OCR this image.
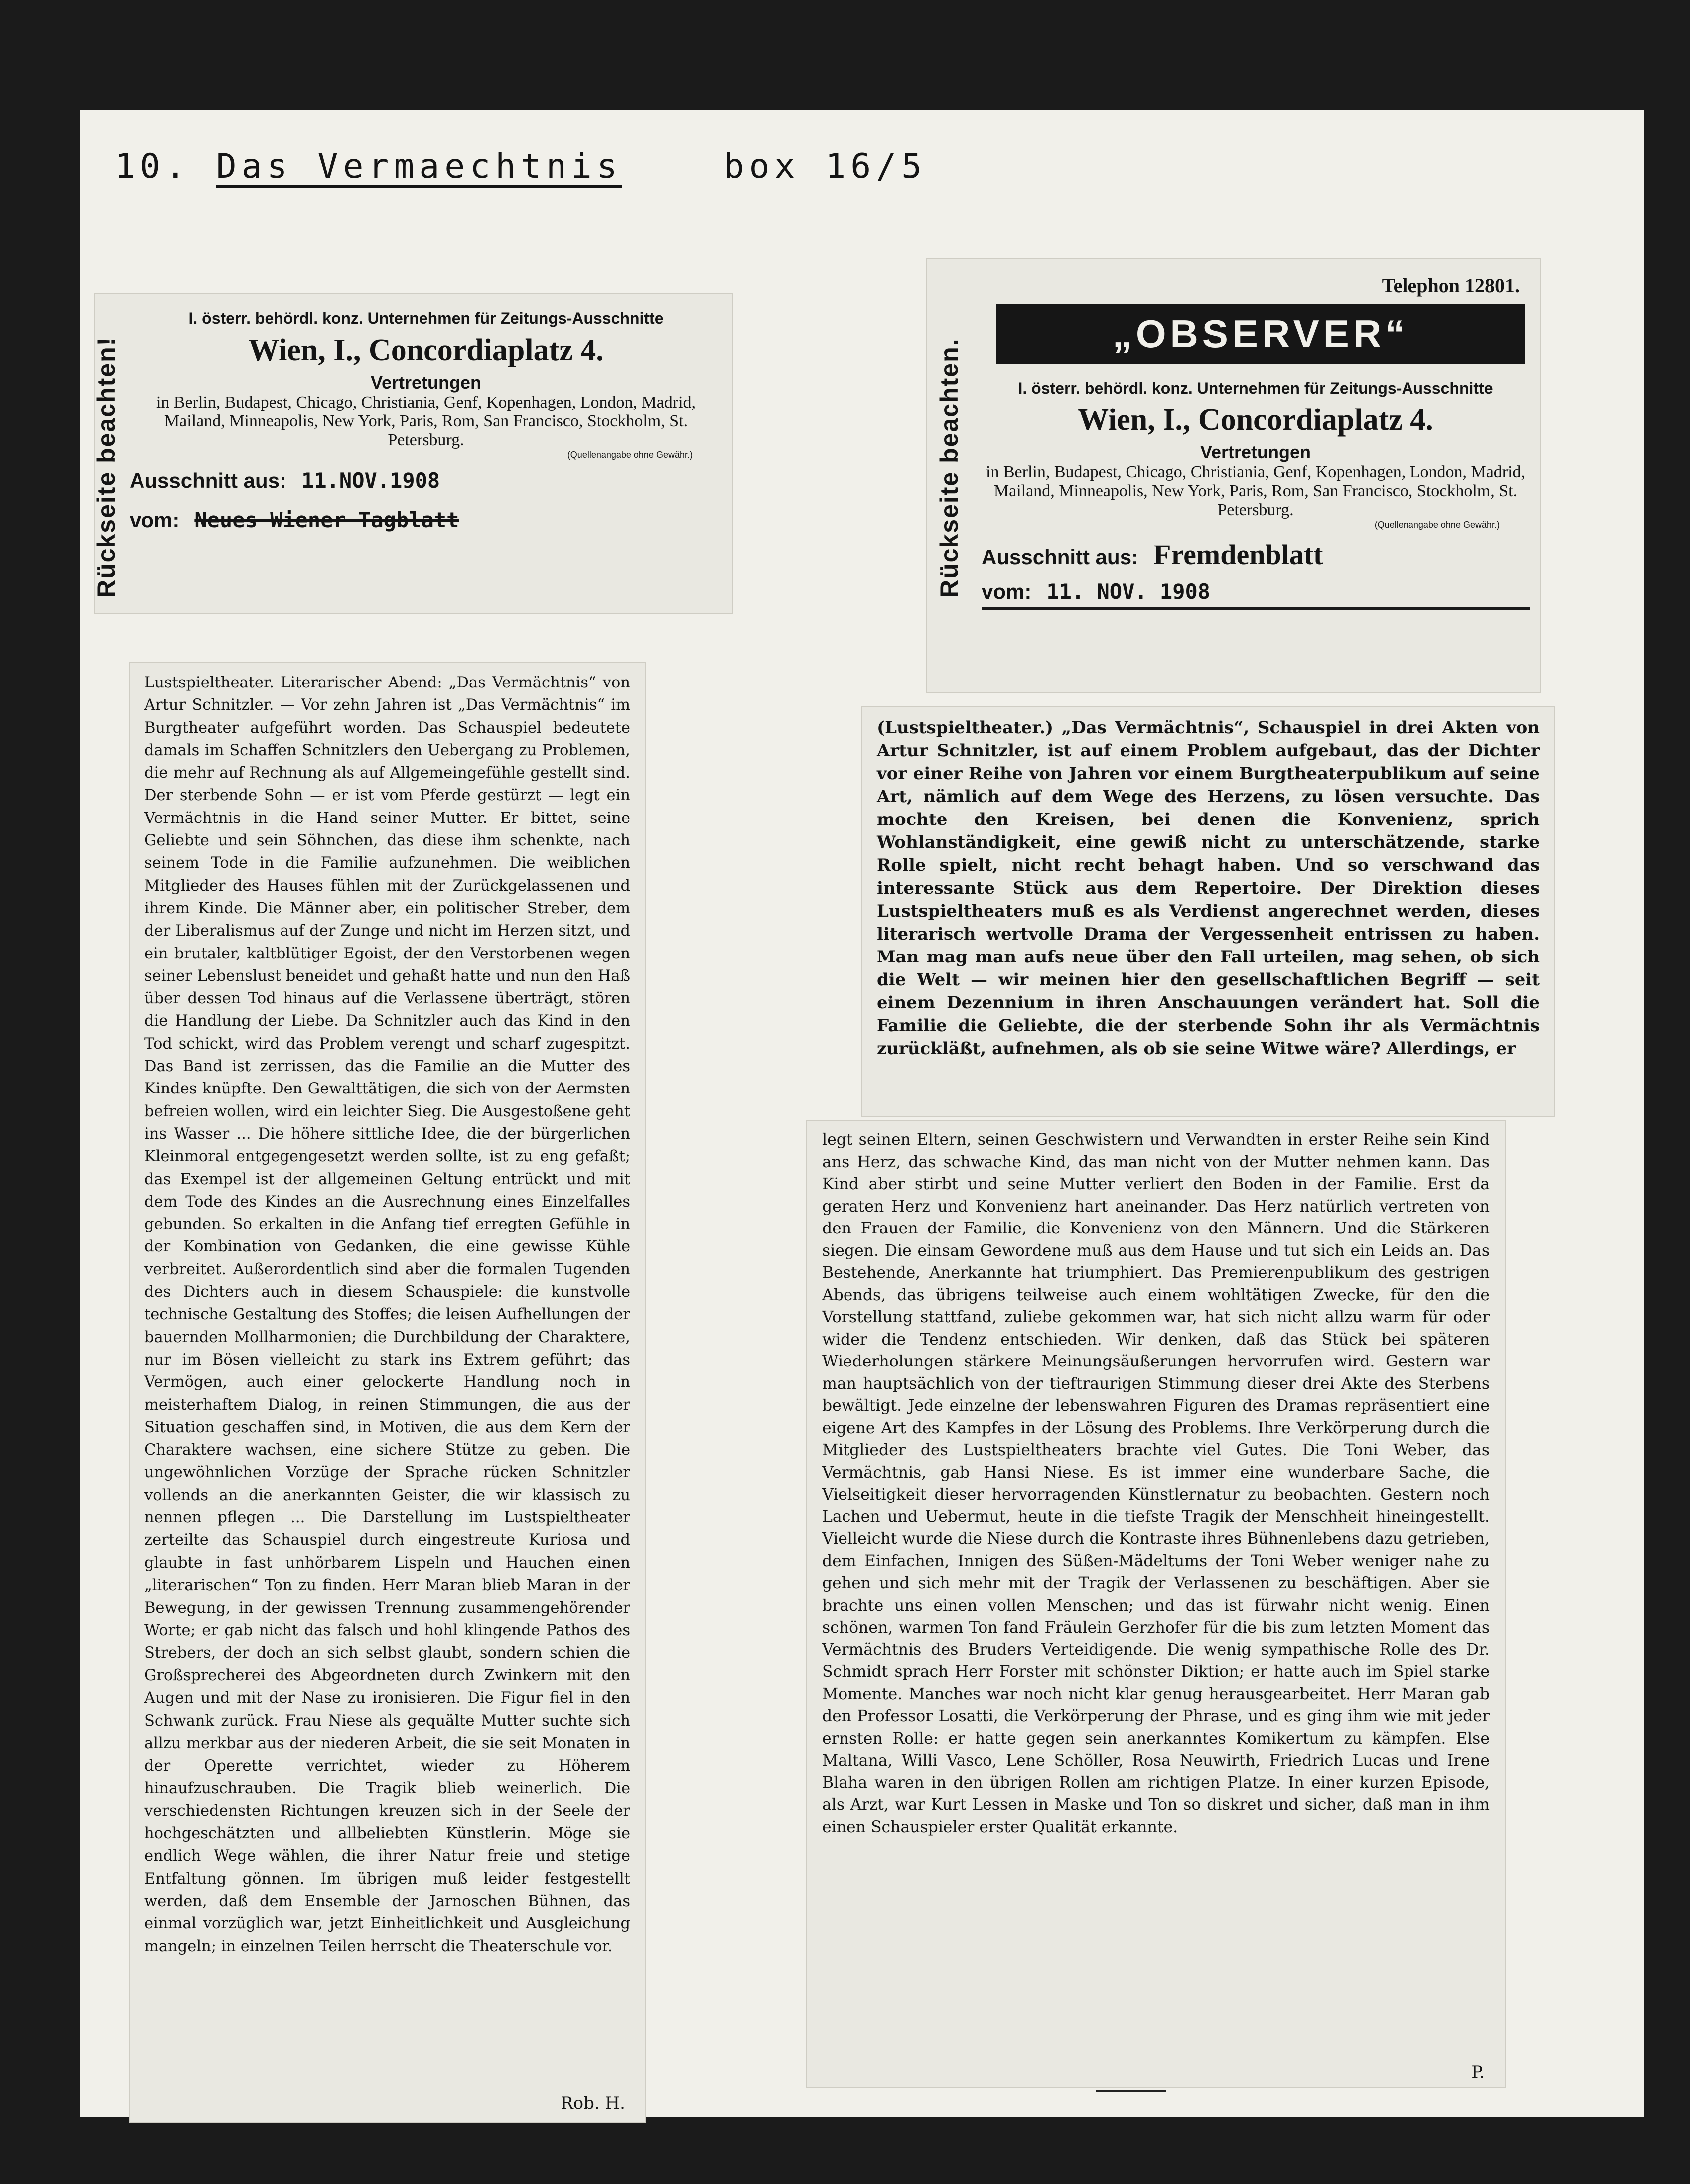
10. Das Vermaechtnis	box 16/5
Rückseite beachten!
I. österr. behördl. konz. Unternehmen für Zeitungs-Ausschnitte
Wien, I., Concordiaplatz 4.
Vertretungen
in Berlin, Budapest, Chicago, Christiania, Genf, Kopenhagen, London, Madrid, Mailand, Minneapolis, New York, Paris, Rom, San Francisco, Stockholm, St. Petersburg.
(Quellenangabe ohne Gewähr.)
Ausschnitt aus: 11.NOV.1908
vom: Neues Wiener Tagblatt	Rückseite beachten.
Telephon 12801.
„OBSERVER“
I. österr. behördl. konz. Unternehmen für Zeitungs-Ausschnitte
Wien, I., Concordiaplatz 4.
Vertretungen
in Berlin, Budapest, Chicago, Christiania, Genf, Kopenhagen, London, Madrid, Mailand, Minneapolis, New York, Paris, Rom, San Francisco, Stockholm, St. Petersburg.
(Quellenangabe ohne Gewähr.)
Ausschnitt aus: Fremdenblatt
vom: 11. NOV. 1908

Lustspieltheater. Literarischer Abend: „Das Vermächtnis“ von Artur Schnitzler. — Vor zehn Jahren ist „Das Vermächtnis“ im Burgtheater aufgeführt worden. Das Schauspiel bedeutete damals im Schaffen Schnitzlers den Uebergang zu Problemen, die mehr auf Rechnung als auf Allgemeingefühle gestellt sind. Der sterbende Sohn — er ist vom Pferde gestürzt — legt ein Vermächtnis in die Hand seiner Mutter. Er bittet, seine Geliebte und sein Söhnchen, das diese ihm schenkte, nach seinem Tode in die Familie aufzunehmen. Die weiblichen Mitglieder des Hauses fühlen mit der Zurückgelassenen und ihrem Kinde. Die Männer aber, ein politischer Streber, dem der Liberalismus auf der Zunge und nicht im Herzen sitzt, und ein brutaler, kaltblütiger Egoist, der den Verstorbenen wegen seiner Lebenslust beneidet und gehaßt hatte und nun den Haß über dessen Tod hinaus auf die Verlassene überträgt, stören die Handlung der Liebe. Da Schnitzler auch das Kind in den Tod schickt, wird das Problem verengt und scharf zugespitzt. Das Band ist zerrissen, das die Familie an die Mutter des Kindes knüpfte. Den Gewalttätigen, die sich von der Aermsten befreien wollen, wird ein leichter Sieg. Die Ausgestoßene geht ins Wasser ... Die höhere sittliche Idee, die der bürgerlichen Kleinmoral entgegengesetzt werden sollte, ist zu eng gefaßt; das Exempel ist der allgemeinen Geltung entrückt und mit dem Tode des Kindes an die Ausrechnung eines Einzelfalles gebunden. So erkalten in die Anfang tief erregten Gefühle in der Kombination von Gedanken, die eine gewisse Kühle verbreitet. Außerordentlich sind aber die formalen Tugenden des Dichters auch in diesem Schauspiele: die kunstvolle technische Gestaltung des Stoffes; die leisen Aufhellungen der bauernden Mollharmonien; die Durchbildung der Charaktere, nur im Bösen vielleicht zu stark ins Extrem geführt; das Vermögen, auch einer gelockerte Handlung noch in meisterhaftem Dialog, in reinen Stimmungen, die aus der Situation geschaffen sind, in Motiven, die aus dem Kern der Charaktere wachsen, eine sichere Stütze zu geben. Die ungewöhnlichen Vorzüge der Sprache rücken Schnitzler vollends an die anerkannten Geister, die wir klassisch zu nennen pflegen ... Die Darstellung im Lustspieltheater zerteilte das Schauspiel durch eingestreute Kuriosa und glaubte in fast unhörbarem Lispeln und Hauchen einen „literarischen“ Ton zu finden. Herr Maran blieb Maran in der Bewegung, in der gewissen Trennung zusammengehörender Worte; er gab nicht das falsch und hohl klingende Pathos des Strebers, der doch an sich selbst glaubt, sondern schien die Großsprecherei des Abgeordneten durch Zwinkern mit den Augen und mit der Nase zu ironisieren. Die Figur fiel in den Schwank zurück. Frau Niese als gequälte Mutter suchte sich allzu merkbar aus der niederen Arbeit, die sie seit Monaten in der Operette verrichtet, wieder zu Höherem hinaufzuschrauben. Die Tragik blieb weinerlich. Die verschiedensten Richtungen kreuzen sich in der Seele der hochgeschätzten und allbeliebten Künstlerin. Möge sie endlich Wege wählen, die ihrer Natur freie und stetige Entfaltung gönnen. Im übrigen muß leider festgestellt werden, daß dem Ensemble der Jarnoschen Bühnen, das einmal vorzüglich war, jetzt Einheitlichkeit und Ausgleichung mangeln; in einzelnen Teilen herrscht die Theaterschule vor.

Rob. H.

(Lustspieltheater.) „Das Vermächtnis“, Schauspiel in drei Akten von Artur Schnitzler, ist auf einem Problem aufgebaut, das der Dichter vor einer Reihe von Jahren vor einem Burgtheaterpublikum auf seine Art, nämlich auf dem Wege des Herzens, zu lösen versuchte. Das mochte den Kreisen, bei denen die Konvenienz, sprich Wohlanständigkeit, eine gewiß nicht zu unterschätzende, starke Rolle spielt, nicht recht behagt haben. Und so verschwand das interessante Stück aus dem Repertoire. Der Direktion dieses Lustspieltheaters muß es als Verdienst angerechnet werden, dieses literarisch wertvolle Drama der Vergessenheit entrissen zu haben. Man mag man aufs neue über den Fall urteilen, mag sehen, ob sich die Welt — wir meinen hier den gesellschaftlichen Begriff — seit einem Dezennium in ihren Anschauungen verändert hat. Soll die Familie die Geliebte, die der sterbende Sohn ihr als Vermächtnis zurückläßt, aufnehmen, als ob sie seine Witwe wäre? Allerdings, er

legt seinen Eltern, seinen Geschwistern und Verwandten in erster Reihe sein Kind ans Herz, das schwache Kind, das man nicht von der Mutter nehmen kann. Das Kind aber stirbt und seine Mutter verliert den Boden in der Familie. Erst da geraten Herz und Konvenienz hart aneinander. Das Herz natürlich vertreten von den Frauen der Familie, die Konvenienz von den Männern. Und die Stärkeren siegen. Die einsam Gewordene muß aus dem Hause und tut sich ein Leids an. Das Bestehende, Anerkannte hat triumphiert. Das Premierenpublikum des gestrigen Abends, das übrigens teilweise auch einem wohltätigen Zwecke, für den die Vorstellung stattfand, zuliebe gekommen war, hat sich nicht allzu warm für oder wider die Tendenz entschieden. Wir denken, daß das Stück bei späteren Wiederholungen stärkere Meinungsäußerungen hervorrufen wird. Gestern war man hauptsächlich von der tieftraurigen Stimmung dieser drei Akte des Sterbens bewältigt. Jede einzelne der lebenswahren Figuren des Dramas repräsentiert eine eigene Art des Kampfes in der Lösung des Problems. Ihre Verkörperung durch die Mitglieder des Lustspieltheaters brachte viel Gutes. Die Toni Weber, das Vermächtnis, gab Hansi Niese. Es ist immer eine wunderbare Sache, die Vielseitigkeit dieser hervorragenden Künstlernatur zu beobachten. Gestern noch Lachen und Uebermut, heute in die tiefste Tragik der Menschheit hineingestellt. Vielleicht wurde die Niese durch die Kontraste ihres Bühnenlebens dazu getrieben, dem Einfachen, Innigen des Süßen-Mädeltums der Toni Weber weniger nahe zu gehen und sich mehr mit der Tragik der Verlassenen zu beschäftigen. Aber sie brachte uns einen vollen Menschen; und das ist fürwahr nicht wenig. Einen schönen, warmen Ton fand Fräulein Gerzhofer für die bis zum letzten Moment das Vermächtnis des Bruders Verteidigende. Die wenig sympathische Rolle des Dr. Schmidt sprach Herr Forster mit schönster Diktion; er hatte auch im Spiel starke Momente. Manches war noch nicht klar genug herausgearbeitet. Herr Maran gab den Professor Losatti, die Verkörperung der Phrase, und es ging ihm wie mit jeder ernsten Rolle: er hatte gegen sein anerkanntes Komikertum zu kämpfen. Else Maltana, Willi Vasco, Lene Schöller, Rosa Neuwirth, Friedrich Lucas und Irene Blaha waren in den übrigen Rollen am richtigen Platze. In einer kurzen Episode, als Arzt, war Kurt Lessen in Maske und Ton so diskret und sicher, daß man in ihm einen Schauspieler erster Qualität erkannte.

P.
